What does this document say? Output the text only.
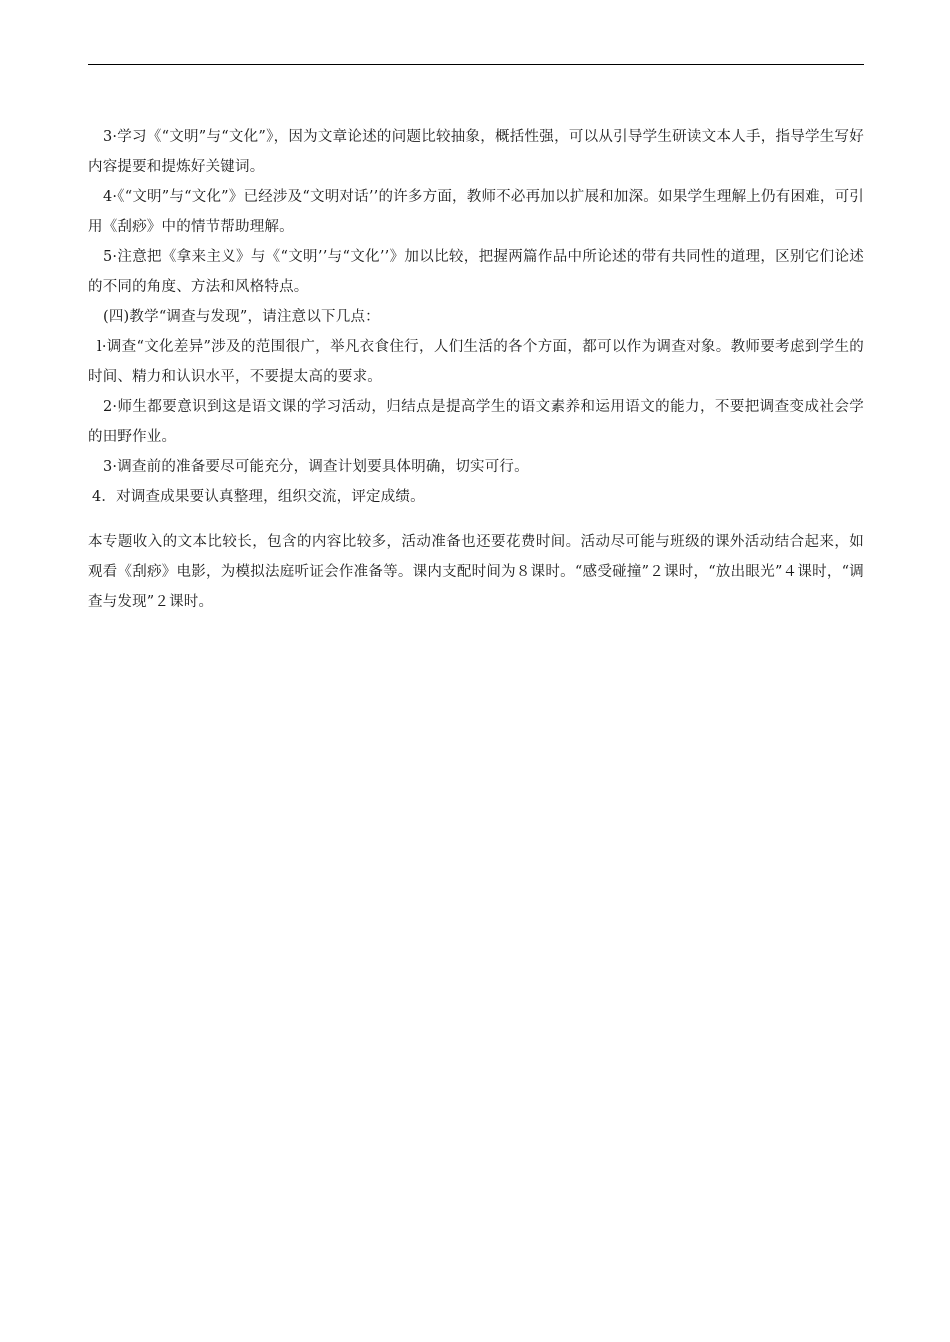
3·学习《“文明”与“文化”》，因为文章论述的问题比较抽象，概括性强，可以从引导学生研读文本人手，指导学生写好内容提要和提炼好关键词。

4·《“文明”与“文化”》已经涉及“文明对话’’的许多方面，教师不必再加以扩展和加深。如果学生理解上仍有困难，可引用《刮痧》中的情节帮助理解。

5·注意把《拿来主义》与《“文明’’与“文化’’》加以比较，把握两篇作品中所论述的带有共同性的道理，区别它们论述的不同的角度、方法和风格特点。

(四)教学“调查与发现”，请注意以下几点：

l·调查“文化差异”涉及的范围很广，举凡衣食住行，人们生活的各个方面，都可以作为调查对象。教师要考虑到学生的时间、精力和认识水平，不要提太高的要求。

2·师生都要意识到这是语文课的学习活动，归结点是提高学生的语文素养和运用语文的能力，不要把调查变成社会学的田野作业。

3·调查前的准备要尽可能充分，调查计划要具体明确，切实可行。

4．对调查成果要认真整理，组织交流，评定成绩。

本专题收入的文本比较长，包含的内容比较多，活动准备也还要花费时间。活动尽可能与班级的课外活动结合起来，如观看《刮痧》电影，为模拟法庭听证会作准备等。课内支配时间为８课时。“感受碰撞”２课时，“放出眼光”４课时，“调查与发现”２课时。
